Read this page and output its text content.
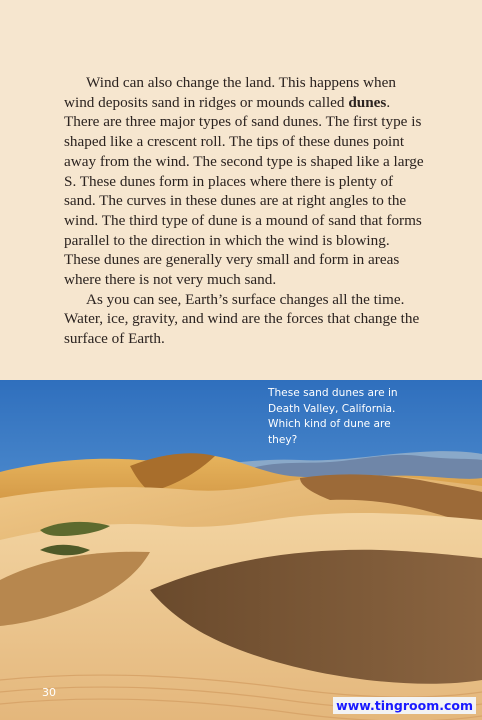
Wind can also change the land. This happens when wind deposits sand in ridges or mounds called dunes. There are three major types of sand dunes. The first type is shaped like a crescent roll. The tips of these dunes point away from the wind. The second type is shaped like a large S. These dunes form in places where there is plenty of sand. The curves in these dunes are at right angles to the wind. The third type of dune is a mound of sand that forms parallel to the direction in which the wind is blowing. These dunes are generally very small and form in areas where there is not very much sand.

As you can see, Earth’s surface changes all the time. Water, ice, gravity, and wind are the forces that change the surface of Earth.

These sand dunes are in Death Valley, California. Which kind of dune are they?

30
www.tingroom.com
